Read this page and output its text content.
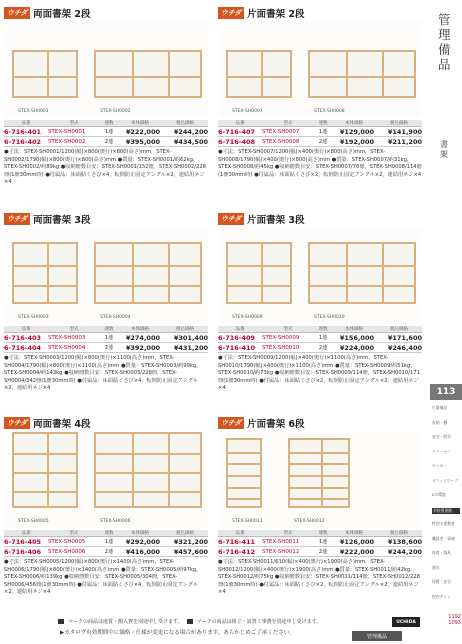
ウチダ 両面書架 2段
STEX-SH0001	STEX-SH0002
品番	型式	連数	本体価格	税込価格
6-716-401	STEX-SH0001	1連	¥222,000	¥244,200
6-716-402	STEX-SH0002	2連	¥395,000	¥434,500
●寸法：STEX-SH0001/1200(幅)×800(奥行)×800(高さ)mm，STEX-SH0002/1790(幅)×800(奥行)×800(高さ)mm ●質量：STEX-SH0001/約62kg，STEX-SH0002/約89kg ●収納冊数目安：STEX-SH0001/152冊，STEX-SH0002/228冊(1冊30mm時) ●付属品：床面貼くさび×4，転倒防止固定アングル×2，連結用ネジ×4
ウチダ 両面書架 3段
STEX-SH0003	STEX-SH0004
品番	型式	連数	本体価格	税込価格
6-716-403	STEX-SH0003	1連	¥274,000	¥301,400
6-716-404	STEX-SH0004	2連	¥392,000	¥431,200
●寸法：STEX-SH0003/1200(幅)×800(奥行)×1100(高さ)mm，STEX-SH0004/1790(幅)×800(奥行)×1100(高さ)mm ●質量：STEX-SH0003/約99kg，STEX-SH0004/約143kg ●収納冊数目安：STEX-SH0003/228冊，STEX-SH0004/342冊(1冊30mm時) ●付属品：床面貼くさび×4，転倒防止固定アングル×2，連結用ネジ×4
ウチダ 両面書架 4段
STEX-SH0005	STEX-SH0006
品番	型式	連数	本体価格	税込価格
6-716-405	STEX-SH0005	1連	¥292,000	¥321,200
6-716-406	STEX-SH0006	2連	¥416,000	¥457,600
●寸法：STEX-SH0005/1200(幅)×800(奥行)×1400(高さ)mm，STEX-SH0006/1790(幅)×800(奥行)×1400(高さ)mm ●質量：STEX-SH0005/約97kg，STEX-SH0006/約139kg ●収納冊数目安：STEX-SH0005/304冊，STEX-SH0006/456冊(1冊30mm時) ●付属品：床面貼くさび×4，転倒防止固定アングル×2，連結用ネジ×4
ウチダ 片面書架 2段
STEX-SH0007	STEX-SH0008
品番	型式	連数	本体価格	税込価格
6-716-407	STEX-SH0007	1連	¥129,000	¥141,900
6-716-408	STEX-SH0008	2連	¥192,000	¥211,200
●寸法：STEX-SH0007/1200(幅)×400(奥行)×800(高さ)mm，STEX-SH0008/1790(幅)×400(奥行)×800(高さ)mm ●質量：STEX-SH0007/約31kg，STEX-SH0008/約45kg ●収納冊数目安：STEX-SH0007/76冊，STEX-SH0008/114冊(1冊30mm時) ●付属品：床面貼くさび×2，転倒防止固定アングル×2，連結用ネジ×4
ウチダ 片面書架 3段
STEX-SH0009	STEX-SH0010
品番	型式	連数	本体価格	税込価格
6-716-409	STEX-SH0009	1連	¥156,000	¥171,600
6-716-410	STEX-SH0010	2連	¥224,000	¥246,400
●寸法：STEX-SH0009/1200(幅)×400(奥行)×1100(高さ)mm，STEX-SH0010/1790(幅)×400(奥行)×1100(高さ)mm ●質量：STEX-SH0009/約51kg，STEX-SH0010/約73kg ●収納冊数目安：STEX-SH0009/114冊，STEX-SH0010/171冊(1冊30mm時) ●付属品：床面貼くさび×2，転倒防止固定アングル×2，連結用ネジ×4
ウチダ 片面書架 6段
STEX-SH0011	STEX-SH0012
品番	型式	連数	本体価格	税込価格
6-716-411	STEX-SH0011	1連	¥126,000	¥138,600
6-716-412	STEX-SH0012	2連	¥222,000	¥244,200
●寸法：STEX-SH0011/610(幅)×400(奥行)×1900(高さ)mm，STEX-SH0012/1200(幅)×400(奥行)×1900(高さ)mm ●質量：STEX-SH0011/約42kg，STEX-SH0012/約75kg ●収納冊数目安：STEX-SH0011/114冊，STEX-SH0012/228冊(1冊30mm時) ●付属品：床面貼くさび×2，転倒防止固定アングル×2，連結用ネジ×4
管理備品
書架
113
什器備品
収納・棚
安全・防災
クリーナー
ロッカー
オフィスワーク
ICT環境
学校図書館
特別支援教育
職員室・事務
体育・器具
遊具
保健・安全
校内サイン
1192
1093
マークの商品は運賃・搬入費を別途申し受けます。	マークの商品は組立・設置工事費を別途申し受けます。
▶カタログ有効期間中に価格・仕様が変更になる場合があります。あらかじめご了承ください。
UCHIDA
管理備品
